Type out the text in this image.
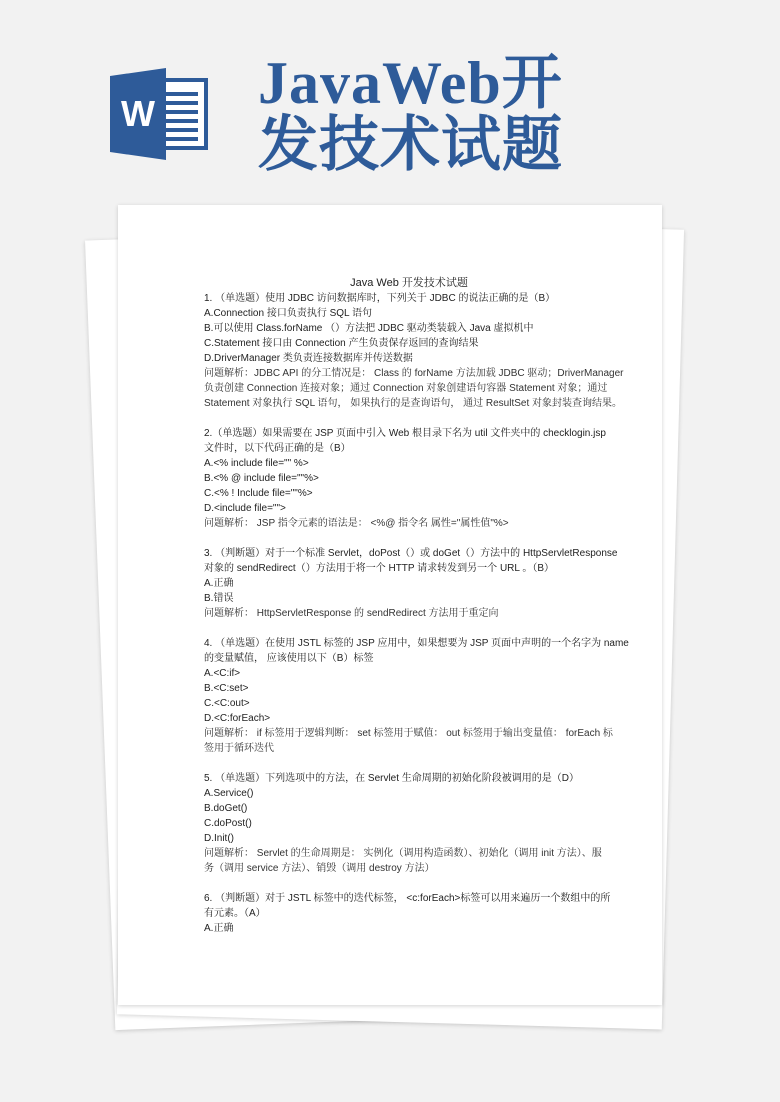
W JavaWeb开
发技术试题
Java Web 开发技术试题
1. （单选题）使用 JDBC 访问数据库时，下列关于 JDBC 的说法正确的是（B）
A.Connection 接口负责执行 SQL 语句
B.可以使用 Class.forName （）方法把 JDBC 驱动类装载入 Java 虚拟机中
C.Statement 接口由 Connection 产生负责保存返回的查询结果
D.DriverManager 类负责连接数据库并传送数据
问题解析：JDBC API 的分工情况是： Class 的 forName 方法加载 JDBC 驱动；DriverManager
负责创建 Connection 连接对象；通过 Connection 对象创建语句容器 Statement 对象；通过
Statement 对象执行 SQL 语句， 如果执行的是查询语句， 通过 ResultSet 对象封装查询结果。
2.（单选题）如果需要在 JSP 页面中引入 Web 根目录下名为 util 文件夹中的 checklogin.jsp
文件时，以下代码正确的是（B）
A.<% include file="" %>
B.<% @ include file=""%>
C.<% ! Include file=""%>
D.<include file="">
问题解析： JSP 指令元素的语法是： <%@ 指令名 属性="属性值"%>
3. （判断题）对于一个标准 Servlet，doPost（）或 doGet（）方法中的 HttpServletResponse
对象的 sendRedirect（）方法用于将一个 HTTP 请求转发到另一个 URL 。（B）
A.正确
B.错误
问题解析： HttpServletResponse 的 sendRedirect 方法用于重定向
4. （单选题）在使用 JSTL 标签的 JSP 应用中，如果想要为 JSP 页面中声明的一个名字为 name
的变量赋值， 应该使用以下（B）标签
A.<C:if>
B.<C:set>
C.<C:out>
D.<C:forEach>
问题解析： if 标签用于逻辑判断： set 标签用于赋值： out 标签用于输出变量值： forEach 标
签用于循环迭代
5. （单选题）下列选项中的方法，在 Servlet 生命周期的初始化阶段被调用的是（D）
A.Service()
B.doGet()
C.doPost()
D.Init()
问题解析： Servlet 的生命周期是： 实例化（调用构造函数）、初始化（调用 init 方法）、服
务（调用 service 方法）、销毁（调用 destroy 方法）
6. （判断题）对于 JSTL 标签中的迭代标签， <c:forEach>标签可以用来遍历一个数组中的所
有元素。（A）
A.正确
